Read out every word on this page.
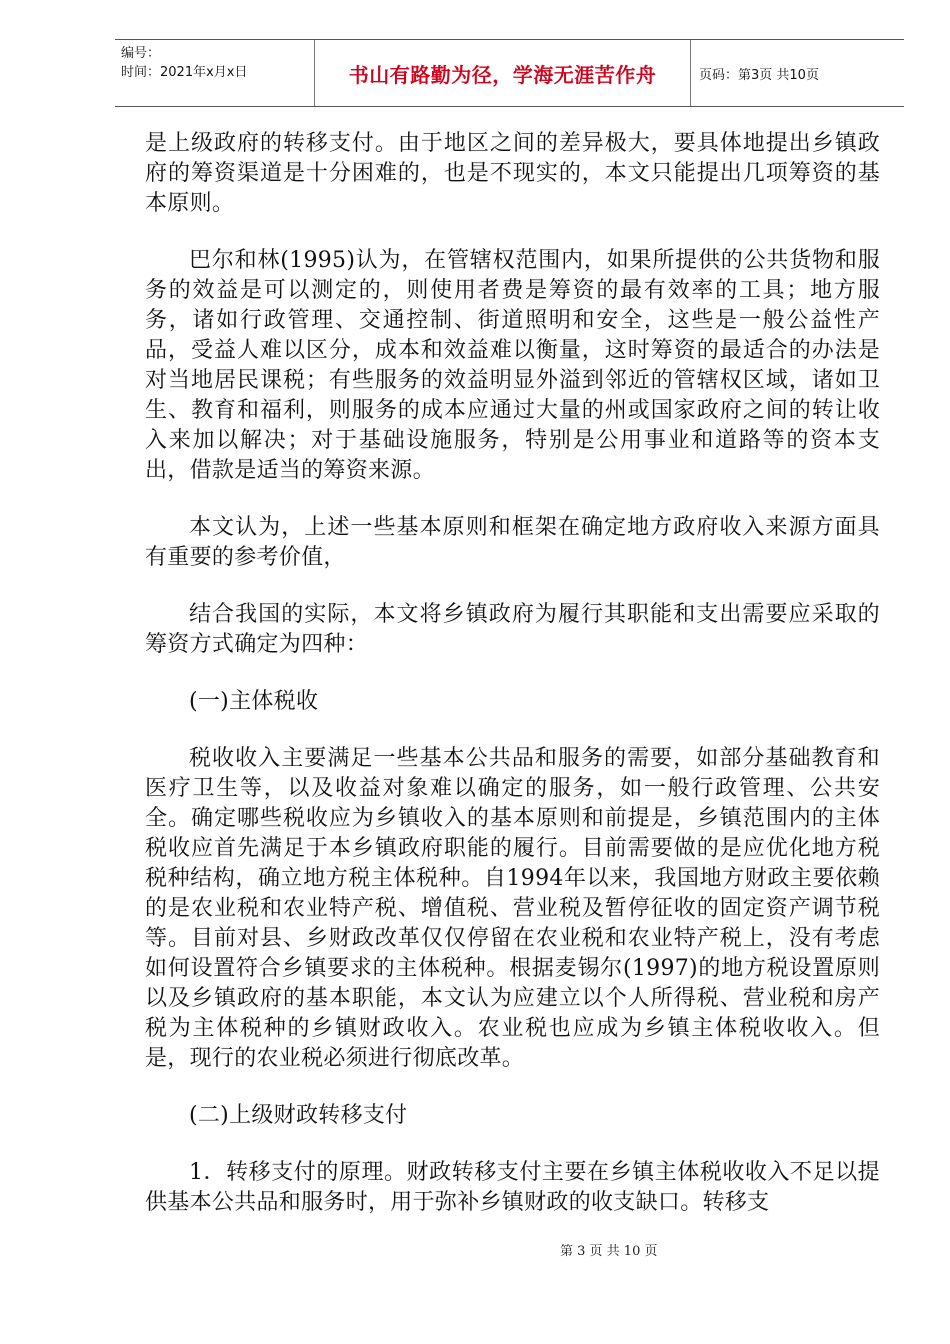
编号：
时间：2021年x月x日	书山有路勤为径，学海无涯苦作舟	页码：第3页 共10页

是上级政府的转移支付。由于地区之间的差异极大，要具体地提出乡镇政府的筹资渠道是十分困难的，也是不现实的，本文只能提出几项筹资的基本原则。

巴尔和林(1995)认为，在管辖权范围内，如果所提供的公共货物和服务的效益是可以测定的，则使用者费是筹资的最有效率的工具；地方服务，诸如行政管理、交通控制、街道照明和安全，这些是一般公益性产品，受益人难以区分，成本和效益难以衡量，这时筹资的最适合的办法是对当地居民课税；有些服务的效益明显外溢到邻近的管辖权区域，诸如卫生、教育和福利，则服务的成本应通过大量的州或国家政府之间的转让收入来加以解决；对于基础设施服务，特别是公用事业和道路等的资本支出，借款是适当的筹资来源。

本文认为，上述一些基本原则和框架在确定地方政府收入来源方面具有重要的参考价值，

结合我国的实际，本文将乡镇政府为履行其职能和支出需要应采取的筹资方式确定为四种：

(一)主体税收

税收收入主要满足一些基本公共品和服务的需要，如部分基础教育和医疗卫生等，以及收益对象难以确定的服务，如一般行政管理、公共安全。确定哪些税收应为乡镇收入的基本原则和前提是，乡镇范围内的主体税收应首先满足于本乡镇政府职能的履行。目前需要做的是应优化地方税税种结构，确立地方税主体税种。自1994年以来，我国地方财政主要依赖的是农业税和农业特产税、增值税、营业税及暂停征收的固定资产调节税等。目前对县、乡财政改革仅仅停留在农业税和农业特产税上，没有考虑如何设置符合乡镇要求的主体税种。根据麦锡尔(1997)的地方税设置原则以及乡镇政府的基本职能，本文认为应建立以个人所得税、营业税和房产税为主体税种的乡镇财政收入。农业税也应成为乡镇主体税收收入。但是，现行的农业税必须进行彻底改革。

(二)上级财政转移支付

1．转移支付的原理。财政转移支付主要在乡镇主体税收收入不足以提供基本公共品和服务时，用于弥补乡镇财政的收支缺口。转移支

第 3 页 共 10 页
